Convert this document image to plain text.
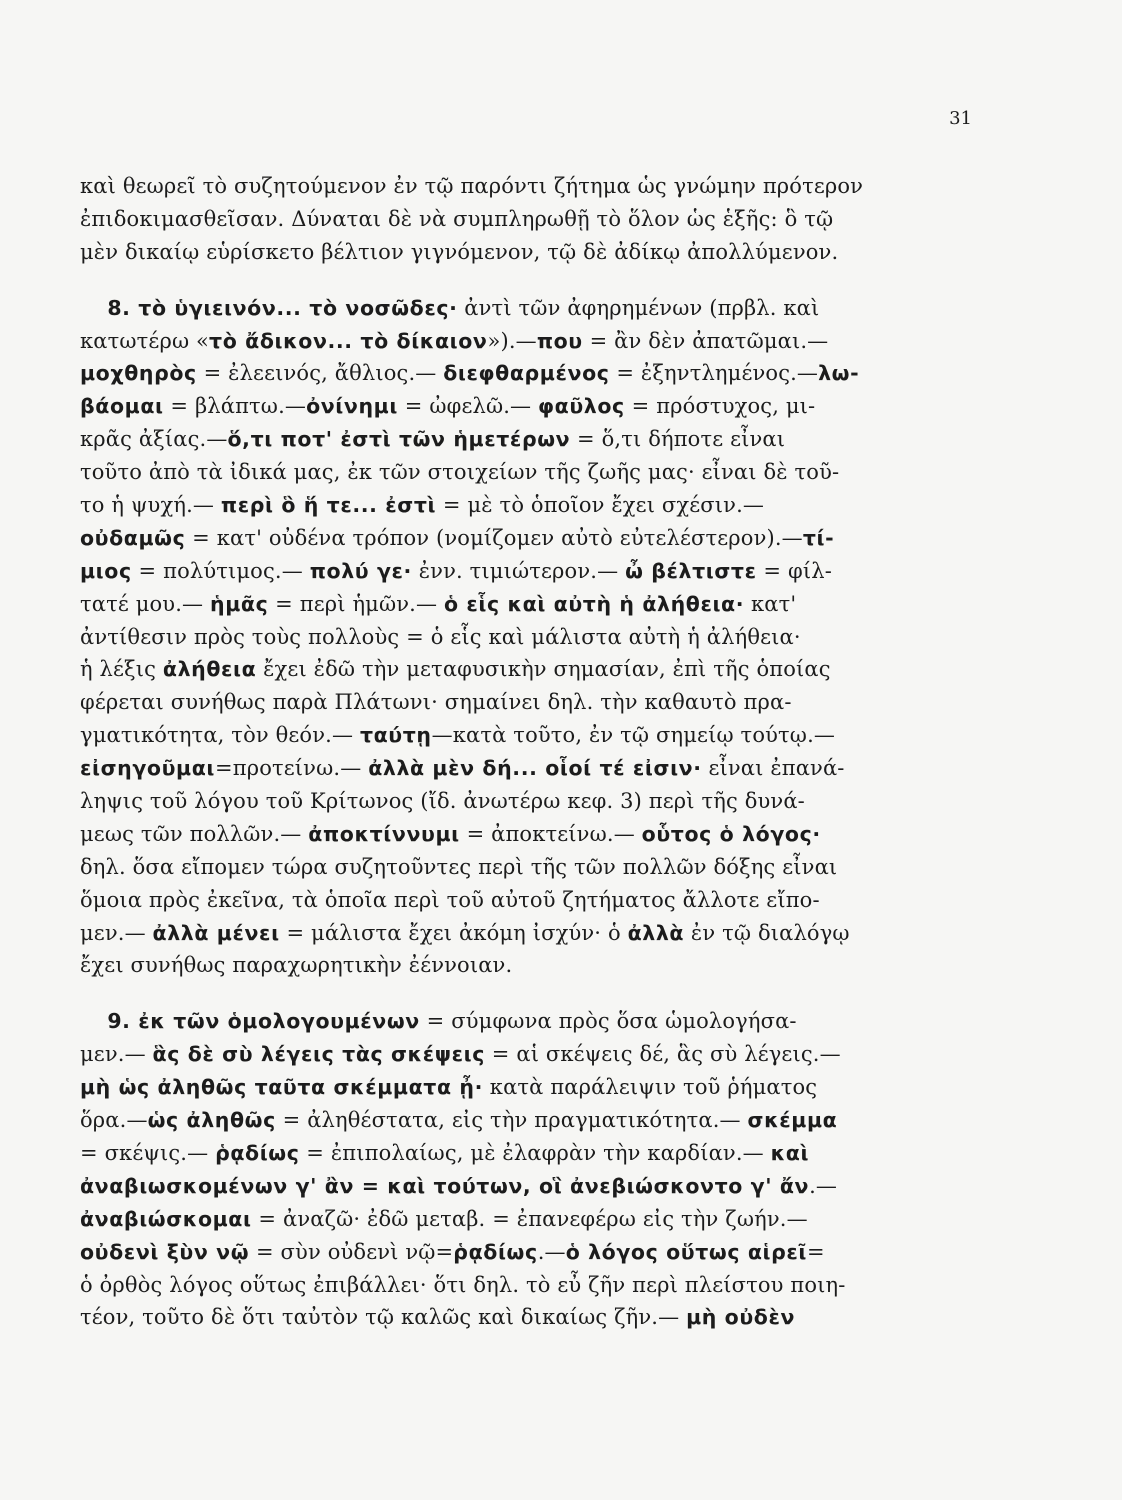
31
καὶ θεωρεῖ τὸ συζητούμενον ἐν τῷ παρόντι ζήτημα ὡς γνώμην πρότερον
ἐπιδοκιμασθεῖσαν. Δύναται δὲ νὰ συμπληρωθῇ τὸ ὅλον ὡς ἑξῆς: ὃ τῷ
μὲν δικαίῳ εὑρίσκετο βέλτιον γιγνόμενον, τῷ δὲ ἀδίκῳ ἀπολλύμενον.
8. τὸ ὑγιεινόν... τὸ νοσῶδες· ἀντὶ τῶν ἀφηρημένων (πρβλ. καὶ
κατωτέρω «τὸ ἄδικον... τὸ δίκαιον»).—που = ἂν δὲν ἀπατῶμαι.—
μοχθηρὸς = ἐλεεινός, ἄθλιος.— διεφθαρμένος = ἐξηντλημένος.—λω-
βάομαι = βλάπτω.—ὀνίνημι = ὠφελῶ.— φαῦλος = πρόστυχος, μι-
κρᾶς ἀξίας.—ὅ,τι ποτ' ἐστὶ τῶν ἡμετέρων = ὅ,τι δήποτε εἶναι
τοῦτο ἀπὸ τὰ ἰδικά μας, ἐκ τῶν στοιχείων τῆς ζωῆς μας· εἶναι δὲ τοῦ-
το ἡ ψυχή.— περὶ ὃ ἥ τε... ἐστὶ = μὲ τὸ ὁποῖον ἔχει σχέσιν.—
οὐδαμῶς = κατ' οὐδένα τρόπον (νομίζομεν αὐτὸ εὐτελέστερον).—τί-
μιος = πολύτιμος.— πολύ γε· ἐνν. τιμιώτερον.— ὦ βέλτιστε = φίλ-
τατέ μου.— ἡμᾶς = περὶ ἡμῶν.— ὁ εἷς καὶ αὐτὴ ἡ ἀλήθεια· κατ'
ἀντίθεσιν πρὸς τοὺς πολλοὺς = ὁ εἷς καὶ μάλιστα αὐτὴ ἡ ἀλήθεια·
ἡ λέξις ἀλήθεια ἔχει ἐδῶ τὴν μεταφυσικὴν σημασίαν, ἐπὶ τῆς ὁποίας
φέρεται συνήθως παρὰ Πλάτωνι· σημαίνει δηλ. τὴν καθαυτὸ πρα-
γματικότητα, τὸν θεόν.— ταύτῃ—κατὰ τοῦτο, ἐν τῷ σημείῳ τούτῳ.—
εἰσηγοῦμαι=προτείνω.— ἀλλὰ μὲν δή... οἷοί τέ εἰσιν· εἶναι ἐπανά-
ληψις τοῦ λόγου τοῦ Κρίτωνος (ἴδ. ἀνωτέρω κεφ. 3) περὶ τῆς δυνά-
μεως τῶν πολλῶν.— ἀποκτίννυμι = ἀποκτείνω.— οὗτος ὁ λόγος·
δηλ. ὅσα εἴπομεν τώρα συζητοῦντες περὶ τῆς τῶν πολλῶν δόξης εἶναι
ὅμοια πρὸς ἐκεῖνα, τὰ ὁποῖα περὶ τοῦ αὐτοῦ ζητήματος ἄλλοτε εἴπο-
μεν.— ἀλλὰ μένει = μάλιστα ἔχει ἀκόμη ἰσχύν· ὁ ἀλλὰ ἐν τῷ διαλόγῳ
ἔχει συνήθως παραχωρητικὴν ἐέννοιαν.
9. ἐκ τῶν ὁμολογουμένων = σύμφωνα πρὸς ὅσα ὡμολογήσα-
μεν.— ἃς δὲ σὺ λέγεις τὰς σκέψεις = αἱ σκέψεις δέ, ἃς σὺ λέγεις.—
μὴ ὡς ἀληθῶς ταῦτα σκέμματα ᾖ· κατὰ παράλειψιν τοῦ ῥήματος
ὅρα.—ὡς ἀληθῶς = ἀληθέστατα, εἰς τὴν πραγματικότητα.— σκέμμα
= σκέψις.— ῥᾳδίως = ἐπιπολαίως, μὲ ἐλαφρὰν τὴν καρδίαν.— καὶ
ἀναβιωσκομένων γ' ἂν = καὶ τούτων, οἳ ἀνεβιώσκοντο γ' ἄν.—
ἀναβιώσκομαι = ἀναζῶ· ἐδῶ μεταβ. = ἐπανεφέρω εἰς τὴν ζωήν.—
οὐδενὶ ξὺν νῷ = σὺν οὐδενὶ νῷ=ῥᾳδίως.—ὁ λόγος οὕτως αἱρεῖ=
ὁ ὀρθὸς λόγος οὕτως ἐπιβάλλει· ὅτι δηλ. τὸ εὖ ζῆν περὶ πλείστου ποιη-
τέον, τοῦτο δὲ ὅτι ταὐτὸν τῷ καλῶς καὶ δικαίως ζῆν.— μὴ οὐδὲν
